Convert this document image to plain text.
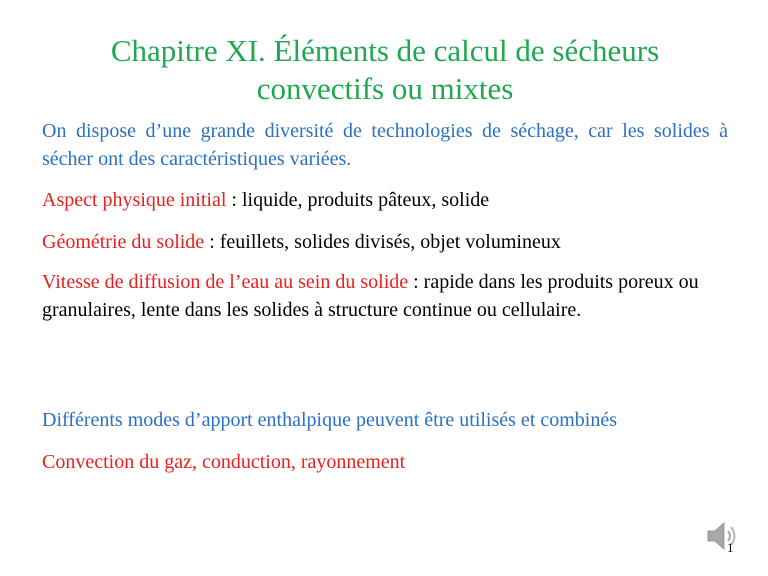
Chapitre XI. Éléments de calcul de sécheurs
convectifs ou mixtes
On dispose d’une grande diversité de technologies de séchage, car les solides à sécher ont des caractéristiques variées.
Aspect physique initial : liquide, produits pâteux, solide
Géométrie du solide : feuillets, solides divisés, objet volumineux
Vitesse de diffusion de l’eau au sein du solide : rapide dans les produits poreux ou granulaires, lente dans les solides à structure continue ou cellulaire.
Différents modes d’apport enthalpique peuvent être utilisés et combinés
Convection du gaz, conduction, rayonnement
1
